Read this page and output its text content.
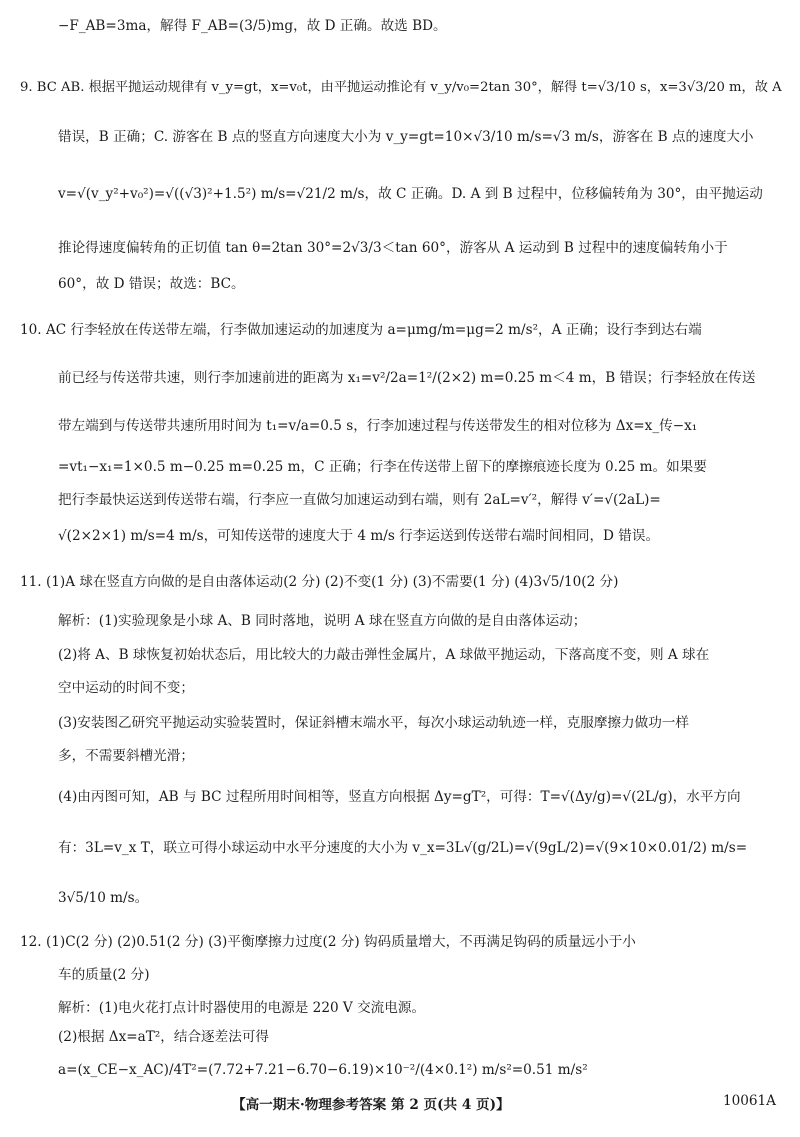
−F_AB=3ma，解得 F_AB=(3/5)mg，故 D 正确。故选 BD。
9. BC AB. 根据平抛运动规律有 v_y=gt，x=v₀t，由平抛运动推论有 v_y/v₀=2tan 30°，解得 t=√3/10 s，x=3√3/20 m，故 A
错误，B 正确；C. 游客在 B 点的竖直方向速度大小为 v_y=gt=10×√3/10 m/s=√3 m/s，游客在 B 点的速度大小
v=√(v_y²+v₀²)=√((√3)²+1.5²) m/s=√21/2 m/s，故 C 正确。D. A 到 B 过程中，位移偏转角为 30°，由平抛运动
推论得速度偏转角的正切值 tan θ=2tan 30°=2√3/3＜tan 60°，游客从 A 运动到 B 过程中的速度偏转角小于
60°，故 D 错误；故选：BC。
10. AC 行李轻放在传送带左端，行李做加速运动的加速度为 a=μmg/m=μg=2 m/s²，A 正确；设行李到达右端
前已经与传送带共速，则行李加速前进的距离为 x₁=v²/2a=1²/(2×2) m=0.25 m＜4 m，B 错误；行李轻放在传送
带左端到与传送带共速所用时间为 t₁=v/a=0.5 s，行李加速过程与传送带发生的相对位移为 Δx=x_传−x₁
=vt₁−x₁=1×0.5 m−0.25 m=0.25 m，C 正确；行李在传送带上留下的摩擦痕迹长度为 0.25 m。如果要
把行李最快运送到传送带右端，行李应一直做匀加速运动到右端，则有 2aL=v′²，解得 v′=√(2aL)=
√(2×2×1) m/s=4 m/s，可知传送带的速度大于 4 m/s 行李运送到传送带右端时间相同，D 错误。
11. (1)A 球在竖直方向做的是自由落体运动(2 分) (2)不变(1 分) (3)不需要(1 分) (4)3√5/10(2 分)
解析：(1)实验现象是小球 A、B 同时落地，说明 A 球在竖直方向做的是自由落体运动；
(2)将 A、B 球恢复初始状态后，用比较大的力敲击弹性金属片，A 球做平抛运动，下落高度不变，则 A 球在
空中运动的时间不变；
(3)安装图乙研究平抛运动实验装置时，保证斜槽末端水平，每次小球运动轨迹一样，克服摩擦力做功一样
多，不需要斜槽光滑；
(4)由丙图可知，AB 与 BC 过程所用时间相等，竖直方向根据 Δy=gT²，可得：T=√(Δy/g)=√(2L/g)，水平方向
有：3L=v_x T，联立可得小球运动中水平分速度的大小为 v_x=3L√(g/2L)=√(9gL/2)=√(9×10×0.01/2) m/s=
3√5/10 m/s。
12. (1)C(2 分) (2)0.51(2 分) (3)平衡摩擦力过度(2 分) 钩码质量增大，不再满足钩码的质量远小于小
车的质量(2 分)
解析：(1)电火花打点计时器使用的电源是 220 V 交流电源。
(2)根据 Δx=aT²，结合逐差法可得
a=(x_CE−x_AC)/4T²=(7.72+7.21−6.70−6.19)×10⁻²/(4×0.1²) m/s²=0.51 m/s²
【高一期末·物理参考答案 第 2 页(共 4 页)】	10061A
